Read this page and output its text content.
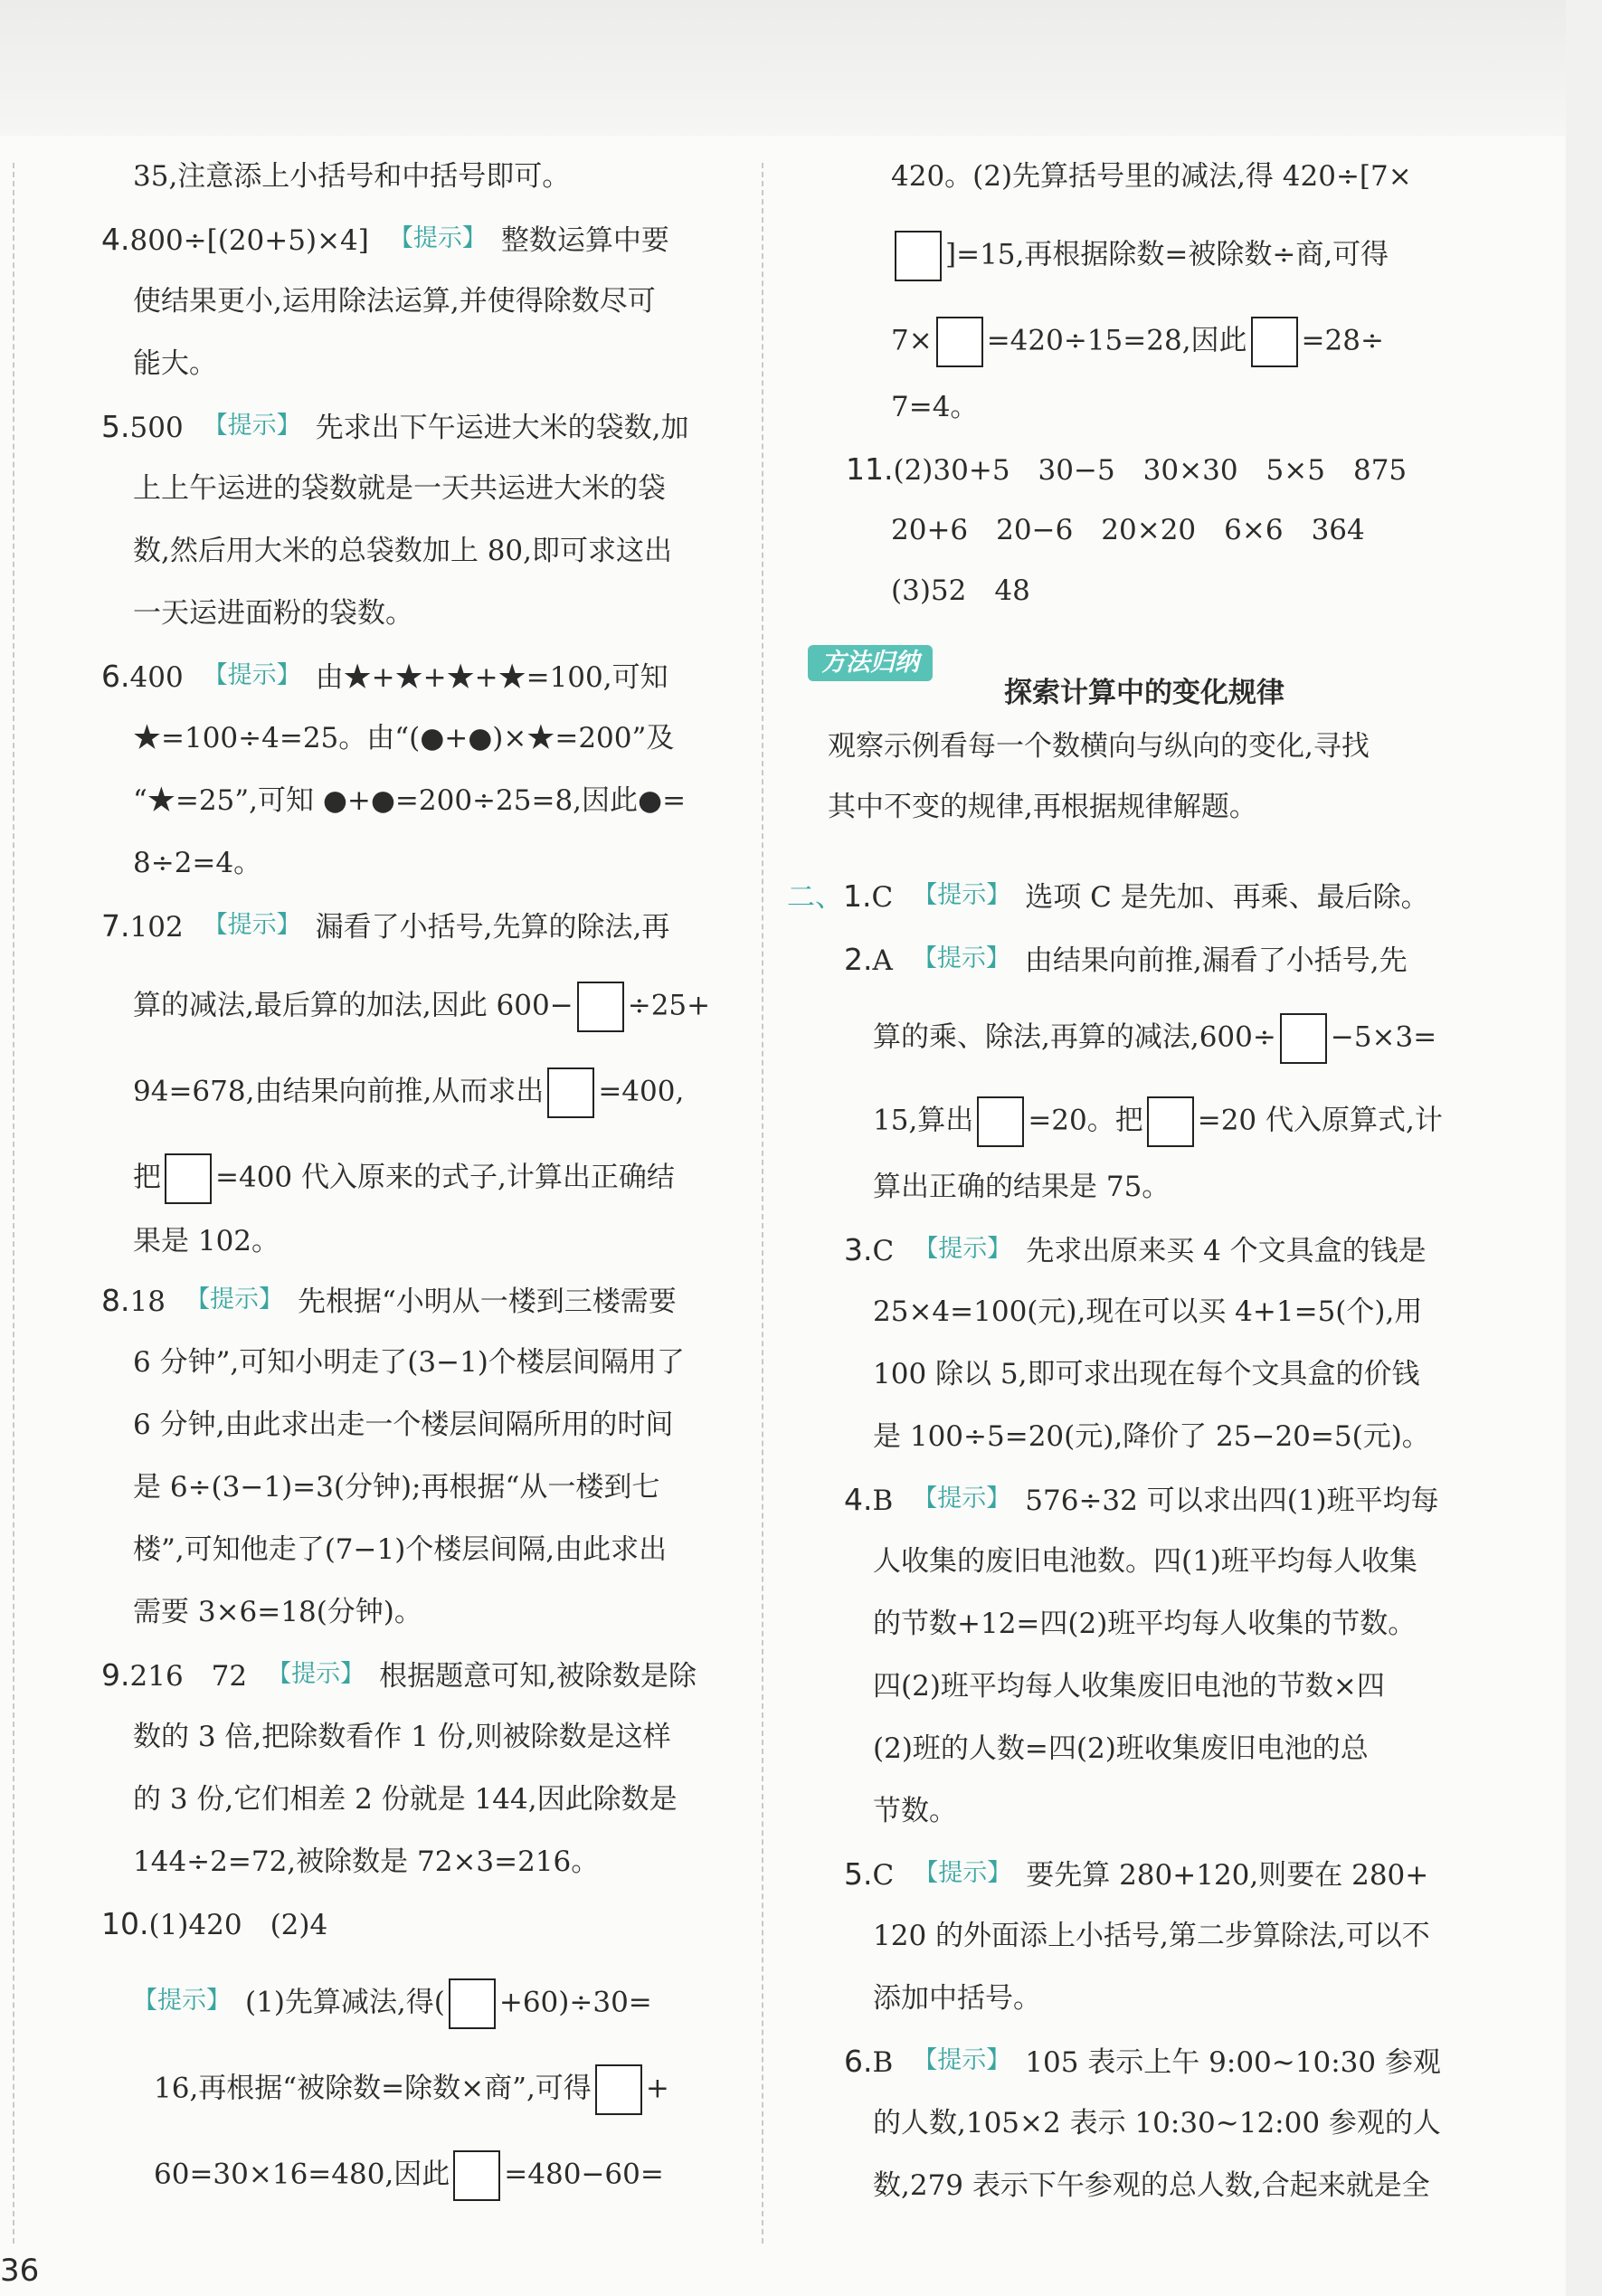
35,注意添上小括号和中括号即可。
4.800÷[(20+5)×4] 【提示】 整数运算中要
使结果更小,运用除法运算,并使得除数尽可
能大。
5.500 【提示】 先求出下午运进大米的袋数,加
上上午运进的袋数就是一天共运进大米的袋
数,然后用大米的总袋数加上 80,即可求这出
一天运进面粉的袋数。
6.400 【提示】 由★+★+★+★=100,可知
★=100÷4=25。由“(●+●)×★=200”及
“★=25”,可知 ●+●=200÷25=8,因此●=
8÷2=4。
7.102 【提示】 漏看了小括号,先算的除法,再
算的减法,最后算的加法,因此 600− ÷25+
94=678,由结果向前推,从而求出 =400,
把 =400 代入原来的式子,计算出正确结
果是 102。
8.18 【提示】 先根据“小明从一楼到三楼需要
6 分钟”,可知小明走了(3−1)个楼层间隔用了
6 分钟,由此求出走一个楼层间隔所用的时间
是 6÷(3−1)=3(分钟);再根据“从一楼到七
楼”,可知他走了(7−1)个楼层间隔,由此求出
需要 3×6=18(分钟)。
9.216　72 【提示】 根据题意可知,被除数是除
数的 3 倍,把除数看作 1 份,则被除数是这样
的 3 份,它们相差 2 份就是 144,因此除数是
144÷2=72,被除数是 72×3=216。
10.(1)420　(2)4
【提示】 (1)先算减法,得( +60)÷30=
16,再根据“被除数=除数×商”,可得 +
60=30×16=480,因此 =480−60=
420。(2)先算括号里的减法,得 420÷[7×
]=15,再根据除数=被除数÷商,可得
7× =420÷15=28,因此 =28÷
7=4。
11.(2)30+5　30−5　30×30　5×5　875
20+6　20−6　20×20　6×6　364
(3)52　48
方法归纳
探索计算中的变化规律
观察示例看每一个数横向与纵向的变化,寻找
其中不变的规律,再根据规律解题。
二、1.C 【提示】 选项 C 是先加、再乘、最后除。
2.A 【提示】 由结果向前推,漏看了小括号,先
算的乘、除法,再算的减法,600÷ −5×3=
15,算出 =20。把 =20 代入原算式,计
算出正确的结果是 75。
3.C 【提示】 先求出原来买 4 个文具盒的钱是
25×4=100(元),现在可以买 4+1=5(个),用
100 除以 5,即可求出现在每个文具盒的价钱
是 100÷5=20(元),降价了 25−20=5(元)。
4.B 【提示】 576÷32 可以求出四(1)班平均每
人收集的废旧电池数。四(1)班平均每人收集
的节数+12=四(2)班平均每人收集的节数。
四(2)班平均每人收集废旧电池的节数×四
(2)班的人数=四(2)班收集废旧电池的总
节数。
5.C 【提示】 要先算 280+120,则要在 280+
120 的外面添上小括号,第二步算除法,可以不
添加中括号。
6.B 【提示】 105 表示上午 9:00~10:30 参观
的人数,105×2 表示 10:30~12:00 参观的人
数,279 表示下午参观的总人数,合起来就是全
36
